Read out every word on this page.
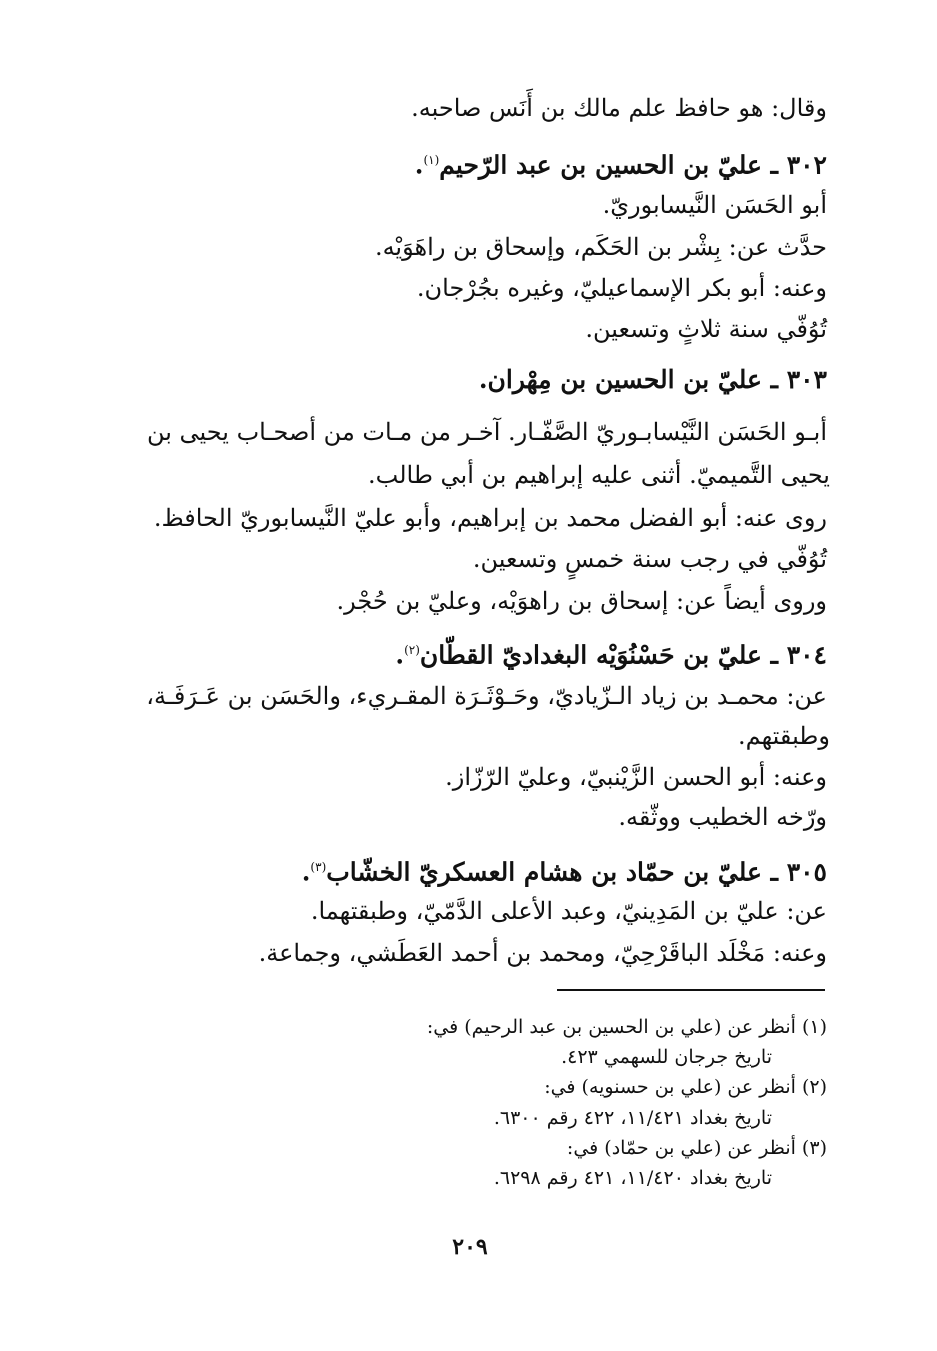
وقال: هو حافظ علم مالك بن أَنَس صاحبه.
٣٠٢ ـ عليّ بن الحسين بن عبد الرّحيم$^{(١)}$.
أبو الحَسَن النَّيسابوريّ.
حدَّث عن: بِشْر بن الحَكَم، وإسحاق بن راهَوَيْه.
وعنه: أبو بكر الإسماعيليّ، وغيره بجُرْجان.
تُوُفّي سنة ثلاثٍ وتسعين.
٣٠٣ ـ عليّ بن الحسين بن مِهْران.
أبـو الحَسَن النَّيْسابـوريّ الصَّفّـار. آخـر من مـات من أصحـاب يحيى بن
يحيى التَّميميّ. أثنى عليه إبراهيم بن أبي طالب.
روى عنه: أبو الفضل محمد بن إبراهيم، وأبو عليّ النَّيسابوريّ الحافظ.
تُوُفّي في رجب سنة خمسٍ وتسعين.
وروى أيضاً عن: إسحاق بن راهوَيْه، وعليّ بن حُجْر.
٣٠٤ ـ عليّ بن حَسْنُوَيْه البغداديّ القطّان$^{(٢)}$.
عن: محمـد بن زياد الـزّياديّ، وحَـوْثَـرَة المقـريء، والحَسَن بن عَـرَفَـة،
وطبقتهم.
وعنه: أبو الحسن الزَّيْنبيّ، وعليّ الرّزّاز.
ورّخه الخطيب ووثّقه.
٣٠٥ ـ عليّ بن حمّاد بن هشام العسكريّ الخشّاب$^{(٣)}$.
عن: عليّ بن المَدِينيّ، وعبد الأعلى الدَّمّيّ، وطبقتهما.
وعنه: مَخْلَد الباقَرْحِيّ، ومحمد بن أحمد العَطَشي، وجماعة.
(١) أنظر عن (علي بن الحسين بن عبد الرحيم) في:
تاريخ جرجان للسهمي ٤٢٣.
(٢) أنظر عن (علي بن حسنويه) في:
تاريخ بغداد ١١/٤٢١، ٤٢٢ رقم ٦٣٠٠.
(٣) أنظر عن (علي بن حمّاد) في:
تاريخ بغداد ١١/٤٢٠، ٤٢١ رقم ٦٢٩٨.
٢٠٩
